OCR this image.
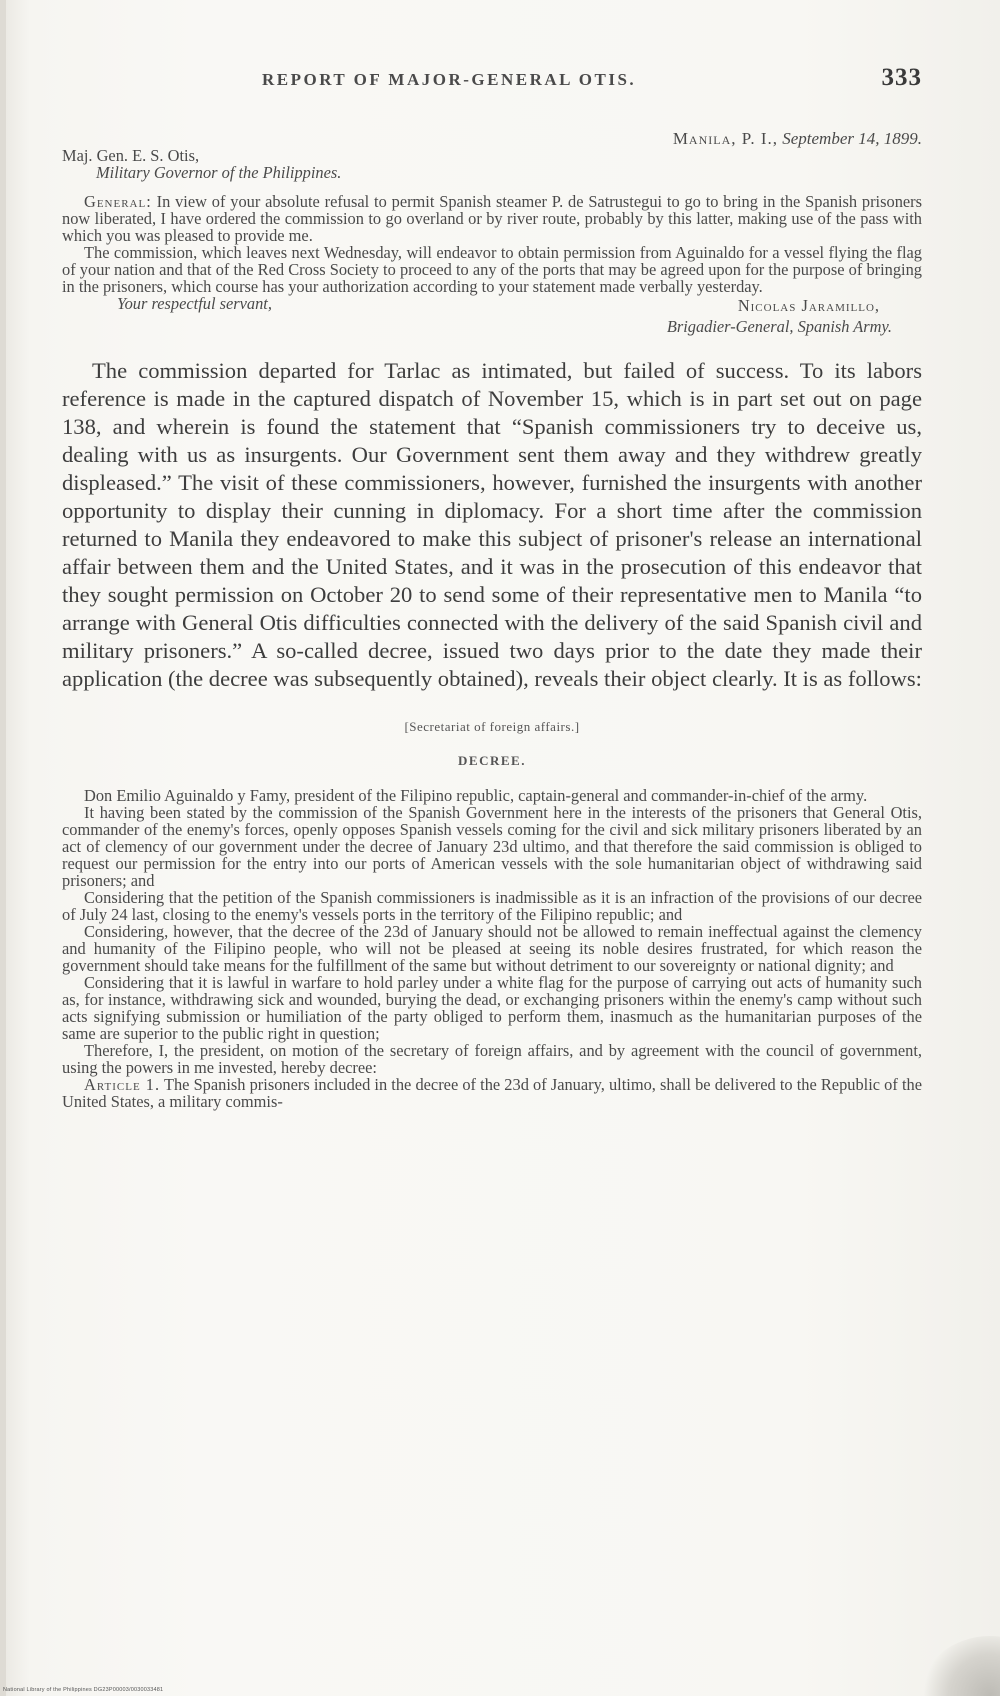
REPORT OF MAJOR-GENERAL OTIS.	333
Manila, P. I., September 14, 1899.
Maj. Gen. E. S. Otis,
Military Governor of the Philippines.

General: In view of your absolute refusal to permit Spanish steamer P. de Satrustegui to go to bring in the Spanish prisoners now liberated, I have ordered the commission to go overland or by river route, probably by this latter, making use of the pass with which you was pleased to provide me.

The commission, which leaves next Wednesday, will endeavor to obtain permission from Aguinaldo for a vessel flying the flag of your nation and that of the Red Cross Society to proceed to any of the ports that may be agreed upon for the purpose of bringing in the prisoners, which course has your authorization according to your statement made verbally yesterday.

Your respectful servant,	Nicolas Jaramillo,
Brigadier-General, Spanish Army.

The commission departed for Tarlac as intimated, but failed of success. To its labors reference is made in the captured dispatch of November 15, which is in part set out on page 138, and wherein is found the statement that “Spanish commissioners try to deceive us, dealing with us as insurgents. Our Government sent them away and they withdrew greatly displeased.” The visit of these commissioners, however, furnished the insurgents with another opportunity to display their cunning in diplomacy. For a short time after the commission returned to Manila they endeavored to make this subject of prisoner's release an international affair between them and the United States, and it was in the prosecution of this endeavor that they sought permission on October 20 to send some of their representative men to Manila “to arrange with General Otis difficulties connected with the delivery of the said Spanish civil and military prisoners.” A so-called decree, issued two days prior to the date they made their application (the decree was subsequently obtained), reveals their object clearly. It is as follows:

[Secretariat of foreign affairs.]
DECREE.

Don Emilio Aguinaldo y Famy, president of the Filipino republic, captain-general and commander-in-chief of the army.

It having been stated by the commission of the Spanish Government here in the interests of the prisoners that General Otis, commander of the enemy's forces, openly opposes Spanish vessels coming for the civil and sick military prisoners liberated by an act of clemency of our government under the decree of January 23d ultimo, and that therefore the said commission is obliged to request our permission for the entry into our ports of American vessels with the sole humanitarian object of withdrawing said prisoners; and

Considering that the petition of the Spanish commissioners is inadmissible as it is an infraction of the provisions of our decree of July 24 last, closing to the enemy's vessels ports in the territory of the Filipino republic; and

Considering, however, that the decree of the 23d of January should not be allowed to remain ineffectual against the clemency and humanity of the Filipino people, who will not be pleased at seeing its noble desires frustrated, for which reason the government should take means for the fulfillment of the same but without detriment to our sovereignty or national dignity; and

Considering that it is lawful in warfare to hold parley under a white flag for the purpose of carrying out acts of humanity such as, for instance, withdrawing sick and wounded, burying the dead, or exchanging prisoners within the enemy's camp without such acts signifying submission or humiliation of the party obliged to perform them, inasmuch as the humanitarian purposes of the same are superior to the public right in question;

Therefore, I, the president, on motion of the secretary of foreign affairs, and by agreement with the council of government, using the powers in me invested, hereby decree:

Article 1. The Spanish prisoners included in the decree of the 23d of January, ultimo, shall be delivered to the Republic of the United States, a military commis-

National Library of the Philippines DG23P00003/0030033481
